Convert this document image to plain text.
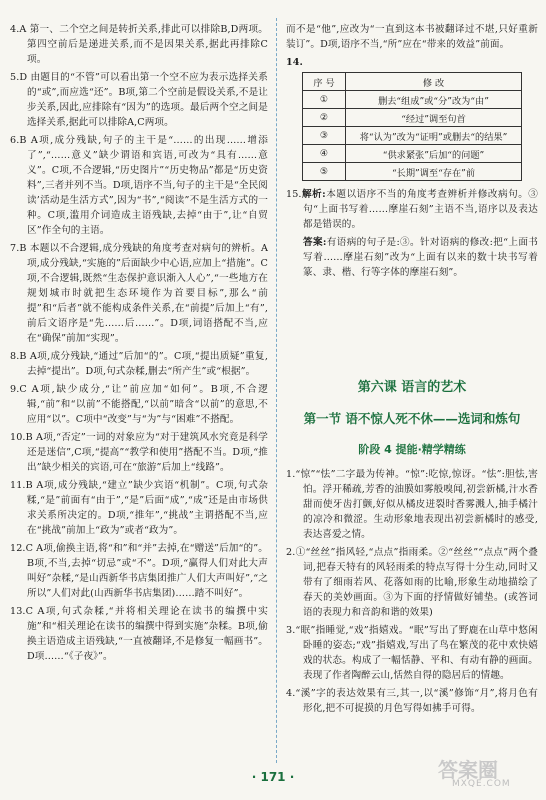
4.A 第一、二个空之间是转折关系,排此可以排除B,D两项。第四空前后是递进关系,而不是因果关系,据此再排除C项。

5.D 由题目的“不管”可以看出第一个空不应为表示选择关系的“或”,而应选“还”。B项,第二个空前是假设关系,不是让步关系,因此,应排除有“因为”的选项。最后两个空之间是选择关系,据此可以排除A,C两项。

6.B A项,成分残缺,句子的主干是“……的出现……增添了”,“……意义”缺少谓语和宾语,可改为“具有……意义”。C项,不合逻辑,“历史图片”“历史物品”都是“历史资料”,三者并列不当。D项,语序不当,句子的主干是“全民阅读’活动是生活方式”,因为“书”,“阅读”不是生活方式的一种。C项,滥用介词造成主语残缺,去掉“由于”,让“自贸区”作全句的主语。

7.B 本题以不合逻辑,成分残缺的角度考查对病句的辨析。A项,成分残缺,“实施的”后面缺少中心语,应加上“措施”。C项,不合逻辑,既然“生态保护意识渐入人心”,“一些地方在规划城市时就把生态环境作为首要目标”,那么“前提”和“后者”就不能构成条件关系,在“前提”后加上“有”,前后文语序是“先……后……”。D项,词语搭配不当,应在“确保”前加“实现”。

8.B A项,成分残缺,“通过”后加“的”。C项,“提出质疑”重复,去掉“提出”。D项,句式杂糅,删去“所产生”或“根据”。

9.C A项,缺少成分,“让”前应加“如何”。B项,不合逻辑,“前”和“以前”不能搭配,“以前”暗含“以前”的意思,不应用“以”。C项中“改变”与“为”与“困难”不搭配。

10.B A项,“否定”一词的对象应为“对于建筑风水究竟是科学还是迷信”,C项,“提高”“教学和使用”搭配不当。D项,“推出”缺少相关的宾语,可在“旅游”后加上“线路”。

11.B A项,成分残缺,“建立”缺少宾语“机制”。C项,句式杂糅,“是”前面有“由于”,“是”后面“成”,“成”还是由市场供求关系所决定的。D项,“推年”,“挑战”主谓搭配不当,应在“挑战”前加上“政为”或者“政为”。

12.C A项,偷换主语,将“和”和“并”去掉,在“赠送”后加“的”。B项,不当,去掉“切忌”或“不”。D项,“赢得人们对此大声叫好”杂糅,“是山西新华书店集团推广人们大声叫好”,“之所以”人们对此(山西新华书店集团)……踏不叫好”。

13.C A项,句式杂糅,“并将相关理论在读书的编撰中实施”和“相关理论在读书的编撰中得到实施”杂糅。B项,偷换主语造成主语残缺,“一直被翻译,不是修复一幅画书”。D项……“《子夜》”。

而不是“他”,应改为“一直到这本书被翻译过不堪,只好重新装订”。D项,语序不当,“所”应在“带来的效益”前面。

14.

序 号	修 改
①	删去“组成”或“分”改为“由”
②	“经过”调至句首
③	将“认为”改为“证明”或删去“的结果”
④	“供求紧张”后加“的问题”
⑤	“长期”调至“存在”前

15.解析:本题以语序不当的角度考查辨析并修改病句。③句“上面书写着……摩崖石刻”主语不当,语序以及表达都是错误的。

答案:有语病的句子是:③。针对语病的修改:把“上面书写着……摩崖石刻”改为“上面有以来的数十块书写着篆、隶、楷、行等字体的摩崖石刻”。

第六课 语言的艺术
第一节 语不惊人死不休——选词和炼句
阶段 4 提能·精学精练

1.“惊”“怯”二字最为传神。“惊”:吃惊,惊讶。“怯”:胆怯,害怕。浮开稀疏,芳香的油膜如雾般嗅闻,初尝新橘,汁水香甜而使牙齿打颤,好似从橘皮迸裂时香雾溅人,抽手橘汁的凉冷和微涩。生动形象地表现出初尝新橘时的感受,表达喜爱之情。

2.①“丝丝”指风轻,“点点”指雨柔。②“丝丝”“点点”两个叠词,把春天特有的风轻雨柔的特点写得十分生动,同时又带有了细雨若风、花落如雨的比喻,形象生动地描绘了春天的美妙画面。③为下面的抒情做好铺垫。(或答词语的表现力和音韵和谐的效果)

3.“眠”指睡觉,“戏”指嬉戏。“眠”写出了野鹿在山草中悠闲卧睡的姿态;“戏”指嬉戏,写出了鸟在繁茂的花中欢快嬉戏的状态。构成了一幅恬静、平和、有动有静的画面。表现了作者陶醉云山,恬然自得的隐居后的情趣。

4.“溪”字的表达效果有三,其一,以“溪”修饰“月”,将月色有形化,把不可捉摸的月色写得如拂手可得。

· 171 ·	答案圈
MXQE.COM
